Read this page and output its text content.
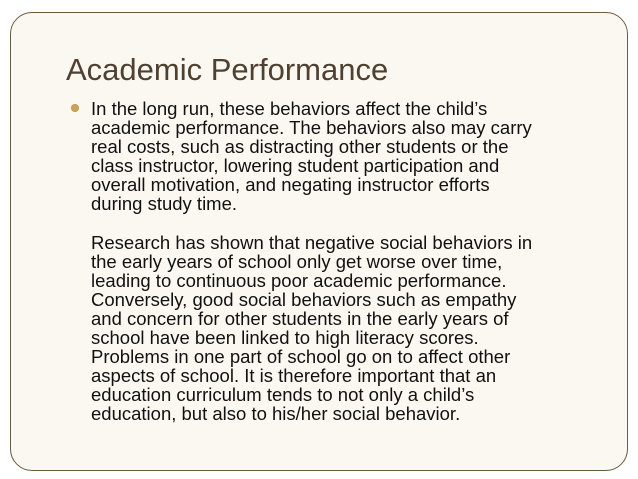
Academic Performance

In the long run, these behaviors affect the child’s
academic performance. The behaviors also may carry
real costs, such as distracting other students or the
class instructor, lowering student participation and
overall motivation, and negating instructor efforts
during study time.

Research has shown that negative social behaviors in
the early years of school only get worse over time,
leading to continuous poor academic performance.
Conversely, good social behaviors such as empathy
and concern for other students in the early years of
school have been linked to high literacy scores.
Problems in one part of school go on to affect other
aspects of school. It is therefore important that an
education curriculum tends to not only a child’s
education, but also to his/her social behavior.
